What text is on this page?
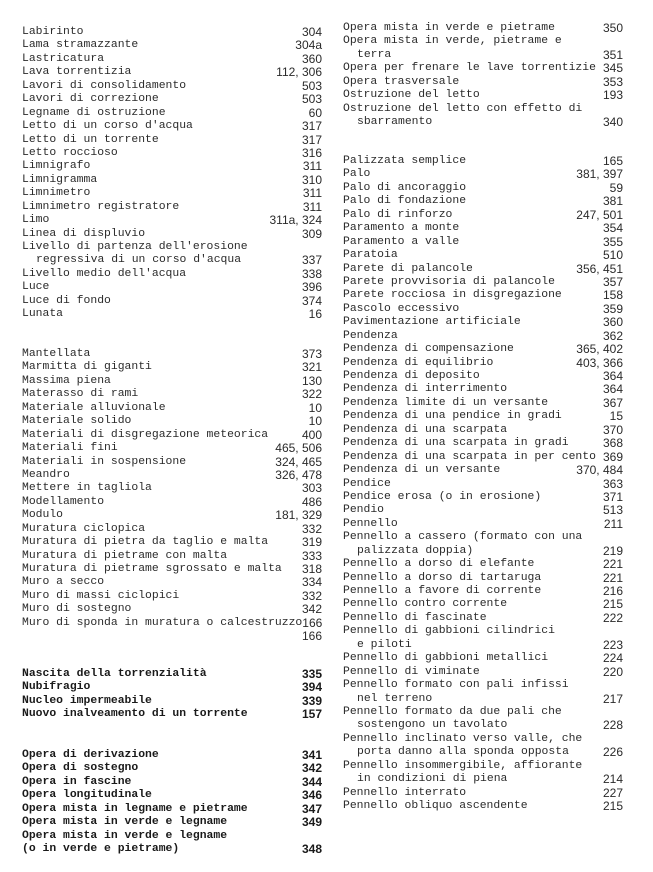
Labirinto	304
Lama stramazzante	304a
Lastricatura	360
Lava torrentizia	112, 306
Lavori di consolidamento	503
Lavori di correzione	503
Legname di ostruzione	60
Letto di un corso d'acqua	317
Letto di un torrente	317
Letto roccioso	316
Limnigrafo	311
Limnigramma	310
Limnimetro	311
Limnimetro registratore	311
Limo	311a, 324
Linea di displuvio	309
Livello di partenza dell'erosione
regressiva di un corso d'acqua	337
Livello medio dell'acqua	338
Luce	396
Luce di fondo	374
Lunata	16
Mantellata	373
Marmitta di giganti	321
Massima piena	130
Materasso di rami	322
Materiale alluvionale	10
Materiale solido	10
Materiali di disgregazione meteorica	400
Materiali fini	465, 506
Materiali in sospensione	324, 465
Meandro	326, 478
Mettere in tagliola	303
Modellamento	486
Modulo	181, 329
Muratura ciclopica	332
Muratura di pietra da taglio e malta	319
Muratura di pietrame con malta	333
Muratura di pietrame sgrossato e malta 318
Muro a secco	334
Muro di massi ciclopici	332
Muro di sostegno	342
Muro di sponda in muratura o calcestruzzo 166
166
Nascita della torrenzialità	335
Nubifragio	394
Nucleo impermeabile	339
Nuovo inalveamento di un torrente	157
Opera di derivazione	341
Opera di sostegno	342
Opera in fascine	344
Opera longitudinale	346
Opera mista in legname e pietrame	347
Opera mista in verde e legname	349
Opera mista in verde e legname
(o in verde e pietrame)	348
Opera mista in verde e pietrame	350
Opera mista in verde, pietrame e
terra	351
Opera per frenare le lave torrentizie 345
Opera trasversale	353
Ostruzione del letto	193
Ostruzione del letto con effetto di
sbarramento	340
Palizzata semplice	165
Palo	381, 397
Palo di ancoraggio	59
Palo di fondazione	381
Palo di rinforzo	247, 501
Paramento a monte	354
Paramento a valle	355
Paratoia	510
Parete di palancole	356, 451
Parete provvisoria di palancole	357
Parete rocciosa in disgregazione	158
Pascolo eccessivo	359
Pavimentazione artificiale	360
Pendenza	362
Pendenza di compensazione	365, 402
Pendenza di equilibrio	403, 366
Pendenza di deposito	364
Pendenza di interrimento	364
Pendenza limite di un versante	367
Pendenza di una pendice in gradi	15
Pendenza di una scarpata	370
Pendenza di una scarpata in gradi	368
Pendenza di una scarpata in per cento 369
Pendenza di un versante	370, 484
Pendice	363
Pendice erosa (o in erosione)	371
Pendio	513
Pennello	211
Pennello a cassero (formato con una
palizzata doppia)	219
Pennello a dorso di elefante	221
Pennello a dorso di tartaruga	221
Pennello a favore di corrente	216
Pennello contro corrente	215
Pennello di fascinate	222
Pennello di gabbioni cilindrici
e piloti	223
Pennello di gabbioni metallici	224
Pennello di viminate	220
Pennello formato con pali infissi
nel terreno	217
Pennello formato da due pali che
sostengono un tavolato	228
Pennello inclinato verso valle, che
porta danno alla sponda opposta	226
Pennello insommergibile, affiorante
in condizioni di piena	214
Pennello interrato	227
Pennello obliquo ascendente	215
